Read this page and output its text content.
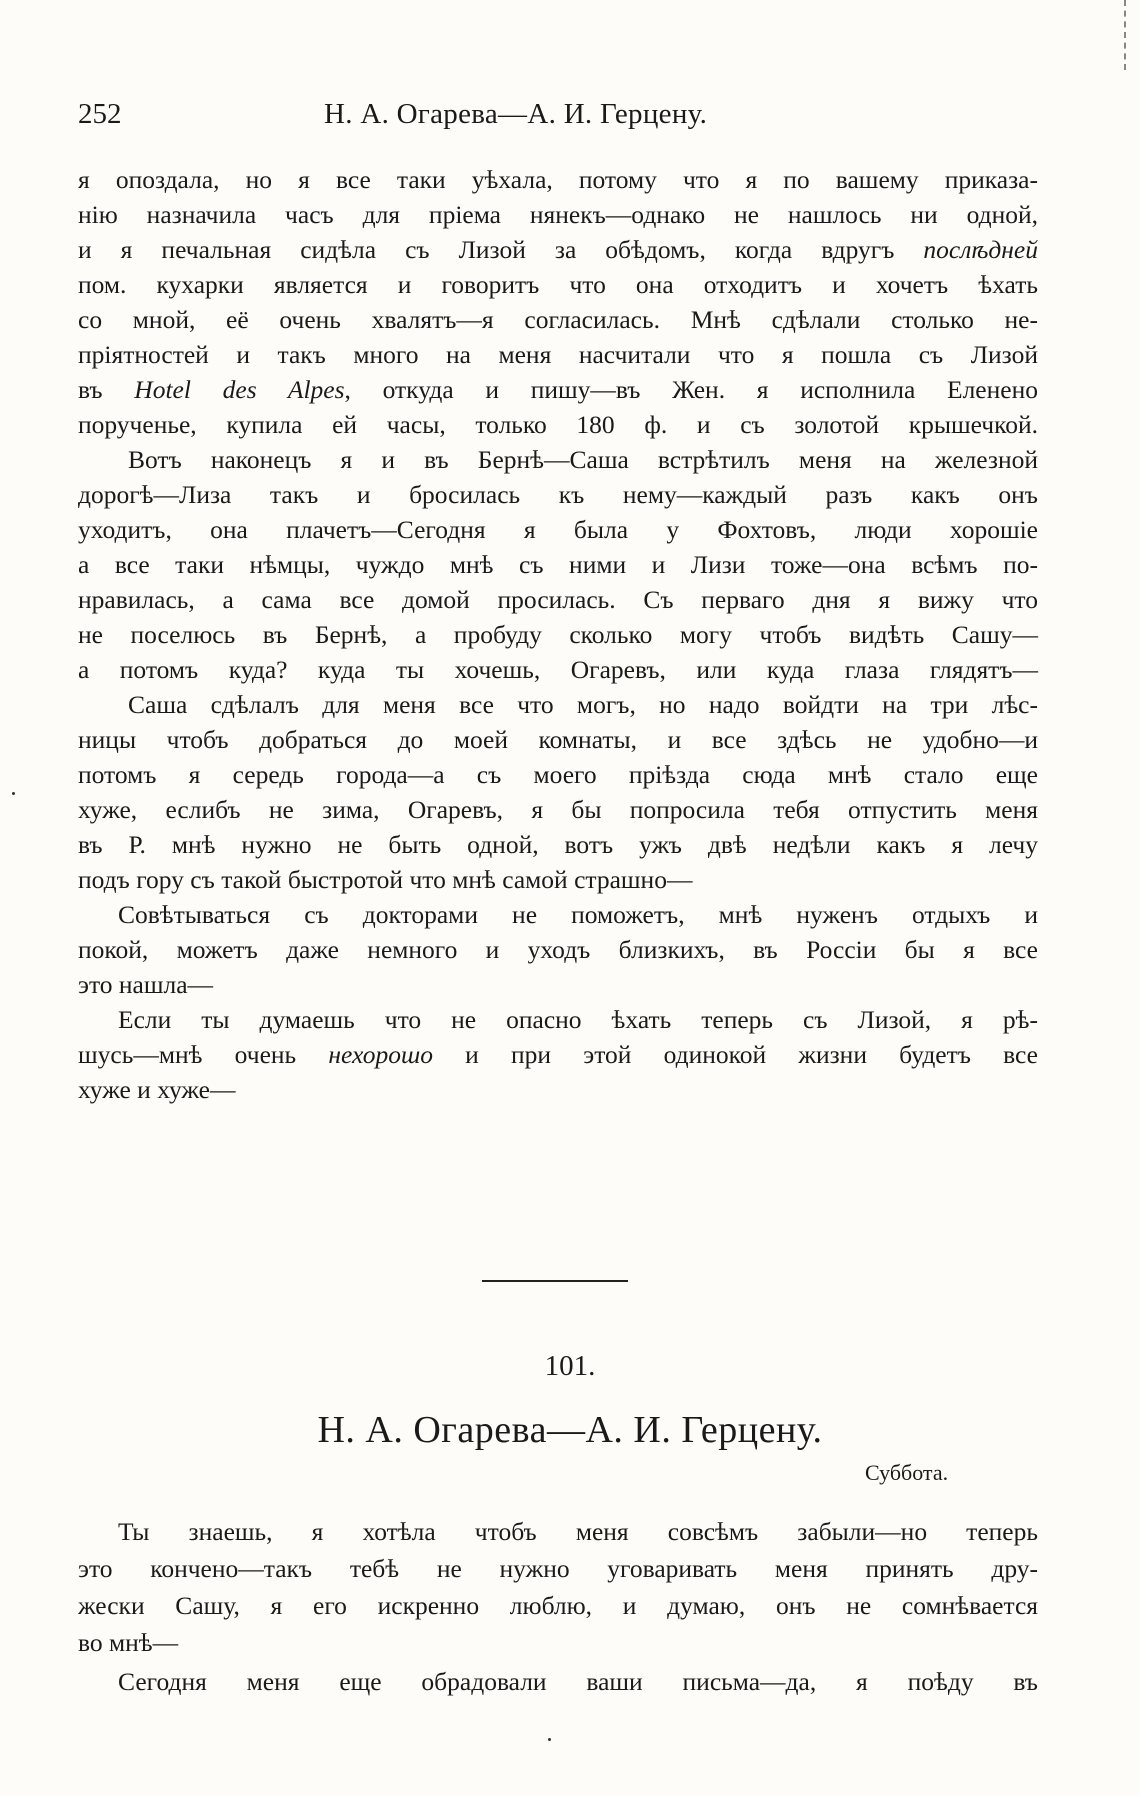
252	Н. А. Огарева—А. И. Герцену.
я опоздала, но я все таки уѣхала, потому что я по вашему приказа-
нію назначила часъ для пріема нянекъ—однако не нашлось ни одной,
и я печальная сидѣла съ Лизой за обѣдомъ, когда вдругъ послѣдней
пом. кухарки является и говоритъ что она отходитъ и хочетъ ѣхать
со мной, её очень хвалятъ—я согласилась. Мнѣ сдѣлали столько не-
пріятностей и такъ много на меня насчитали что я пошла съ Лизой
въ Hotel des Alpes, откуда и пишу—въ Жен. я исполнила Еленено
порученье, купила ей часы, только 180 ф. и съ золотой крышечкой.
Вотъ наконецъ я и въ Бернѣ—Саша встрѣтилъ меня на железной
дорогѣ—Лиза такъ и бросилась къ нему—каждый разъ какъ онъ
уходитъ, она плачетъ—Сегодня я была у Фохтовъ, люди хорошіе
а все таки нѣмцы, чуждо мнѣ съ ними и Лизи тоже—она всѣмъ по-
нравилась, а сама все домой просилась. Съ перваго дня я вижу что
не поселюсь въ Бернѣ, а пробуду сколько могу чтобъ видѣть Сашу—
а потомъ куда? куда ты хочешь, Огаревъ, или куда глаза глядятъ—
Саша сдѣлалъ для меня все что могъ, но надо войдти на три лѣс-
ницы чтобъ добраться до моей комнаты, и все здѣсь не удобно—и
потомъ я середь города—а съ моего пріѣзда сюда мнѣ стало еще
хуже, еслибъ не зима, Огаревъ, я бы попросила тебя отпустить меня
въ Р. мнѣ нужно не быть одной, вотъ ужъ двѣ недѣли какъ я лечу
подъ гору съ такой быстротой что мнѣ самой страшно—
Совѣтываться съ докторами не поможетъ, мнѣ нуженъ отдыхъ и
покой, можетъ даже немного и уходъ близкихъ, въ Россіи бы я все
это нашла—
Если ты думаешь что не опасно ѣхать теперь съ Лизой, я рѣ-
шусь—мнѣ очень нехорошо и при этой одинокой жизни будетъ все
хуже и хуже—
101.
Н. А. Огарева—А. И. Герцену.
Суббота.
Ты знаешь, я хотѣла чтобъ меня совсѣмъ забыли—но теперь
это кончено—такъ тебѣ не нужно уговаривать меня принять дру-
жески Сашу, я его искренно люблю, и думаю, онъ не сомнѣвается
во мнѣ—
Сегодня меня еще обрадовали ваши письма—да, я поѣду въ
